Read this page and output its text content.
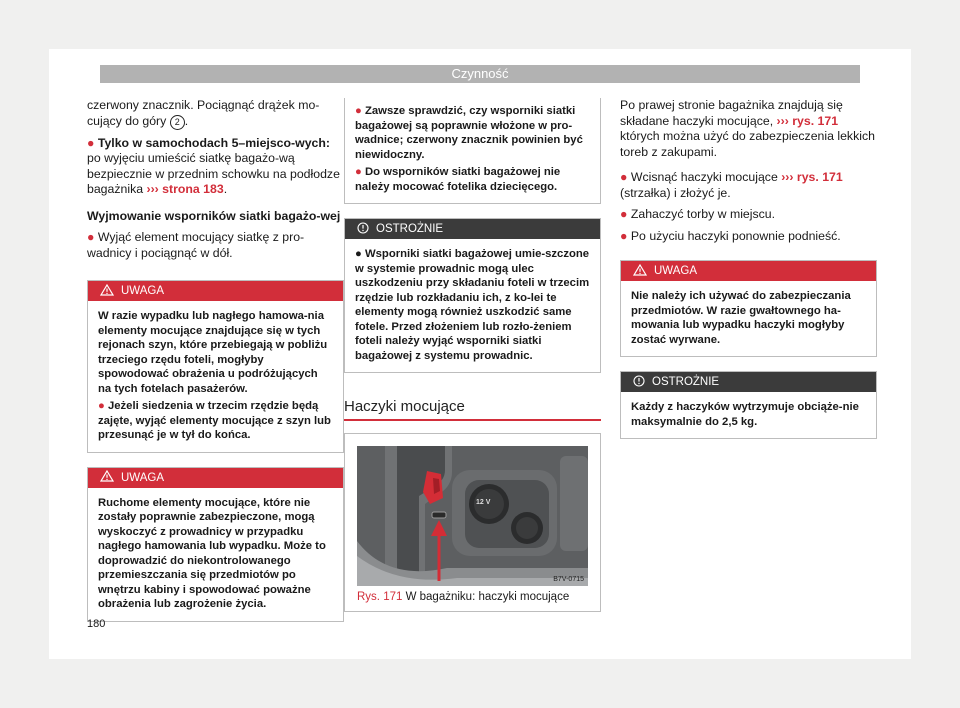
Czynność

czerwony znacznik. Pociągnąć drążek mo- cujący do góry 2 .

● Tylko w samochodach 5–miejsco-wych: po wyjęciu umieścić siatkę bagażo-wą bezpiecznie w przednim schowku na podłodze bagażnika ››› strona 183.

Wyjmowanie wsporników siatki bagażo-wej

● Wyjąć element mocujący siatkę z pro-wadnicy i pociągnąć w dół.

UWAGA
W razie wypadku lub nagłego hamowa-nia elementy mocujące znajdujące się w tych rejonach szyn, które przebiegają w pobliżu trzeciego rzędu foteli, mogłyby spowodować obrażenia u podróżujących na tych fotelach pasażerów.
● Jeżeli siedzenia w trzecim rzędzie będą zajęte, wyjąć elementy mocujące z szyn lub przesunąć je w tył do końca.
UWAGA
Ruchome elementy mocujące, które nie zostały poprawnie zabezpieczone, mogą wyskoczyć z prowadnicy w przypadku nagłego hamowania lub wypadku. Może to doprowadzić do niekontrolowanego przemieszczania się przedmiotów po wnętrzu kabiny i spowodować poważne obrażenia lub zagrożenie życia.
● Zawsze sprawdzić, czy wsporniki siatki bagażowej są poprawnie włożone w pro-wadnice; czerwony znacznik powinien być niewidoczny.
● Do wsporników siatki bagażowej nie należy mocować fotelika dziecięcego.
OSTROŻNIE
● Wsporniki siatki bagażowej umie-szczone w systemie prowadnic mogą ulec uszkodzeniu przy składaniu foteli w trzecim rzędzie lub rozkładaniu ich, z ko-lei te elementy mogą również uszkodzić same fotele. Przed złożeniem lub rozło-żeniem foteli należy wyjąć wsporniki siatki bagażowej z systemu prowadnic.
Haczyki mocujące
12 V
B7V-0715
Rys. 171 W bagażniku: haczyki mocujące

Po prawej stronie bagażnika znajdują się składane haczyki mocujące, ››› rys. 171 których można użyć do zabezpieczenia lekkich toreb z zakupami.

● Wcisnąć haczyki mocujące ››› rys. 171 (strzałka) i złożyć je.

● Zahaczyć torby w miejscu.

● Po użyciu haczyki ponownie podnieść.

UWAGA
Nie należy ich używać do zabezpieczania przedmiotów. W razie gwałtownego ha-mowania lub wypadku haczyki mogłyby zostać wyrwane.
OSTROŻNIE
Każdy z haczyków wytrzymuje obciąże-nie maksymalnie do 2,5 kg.
180
